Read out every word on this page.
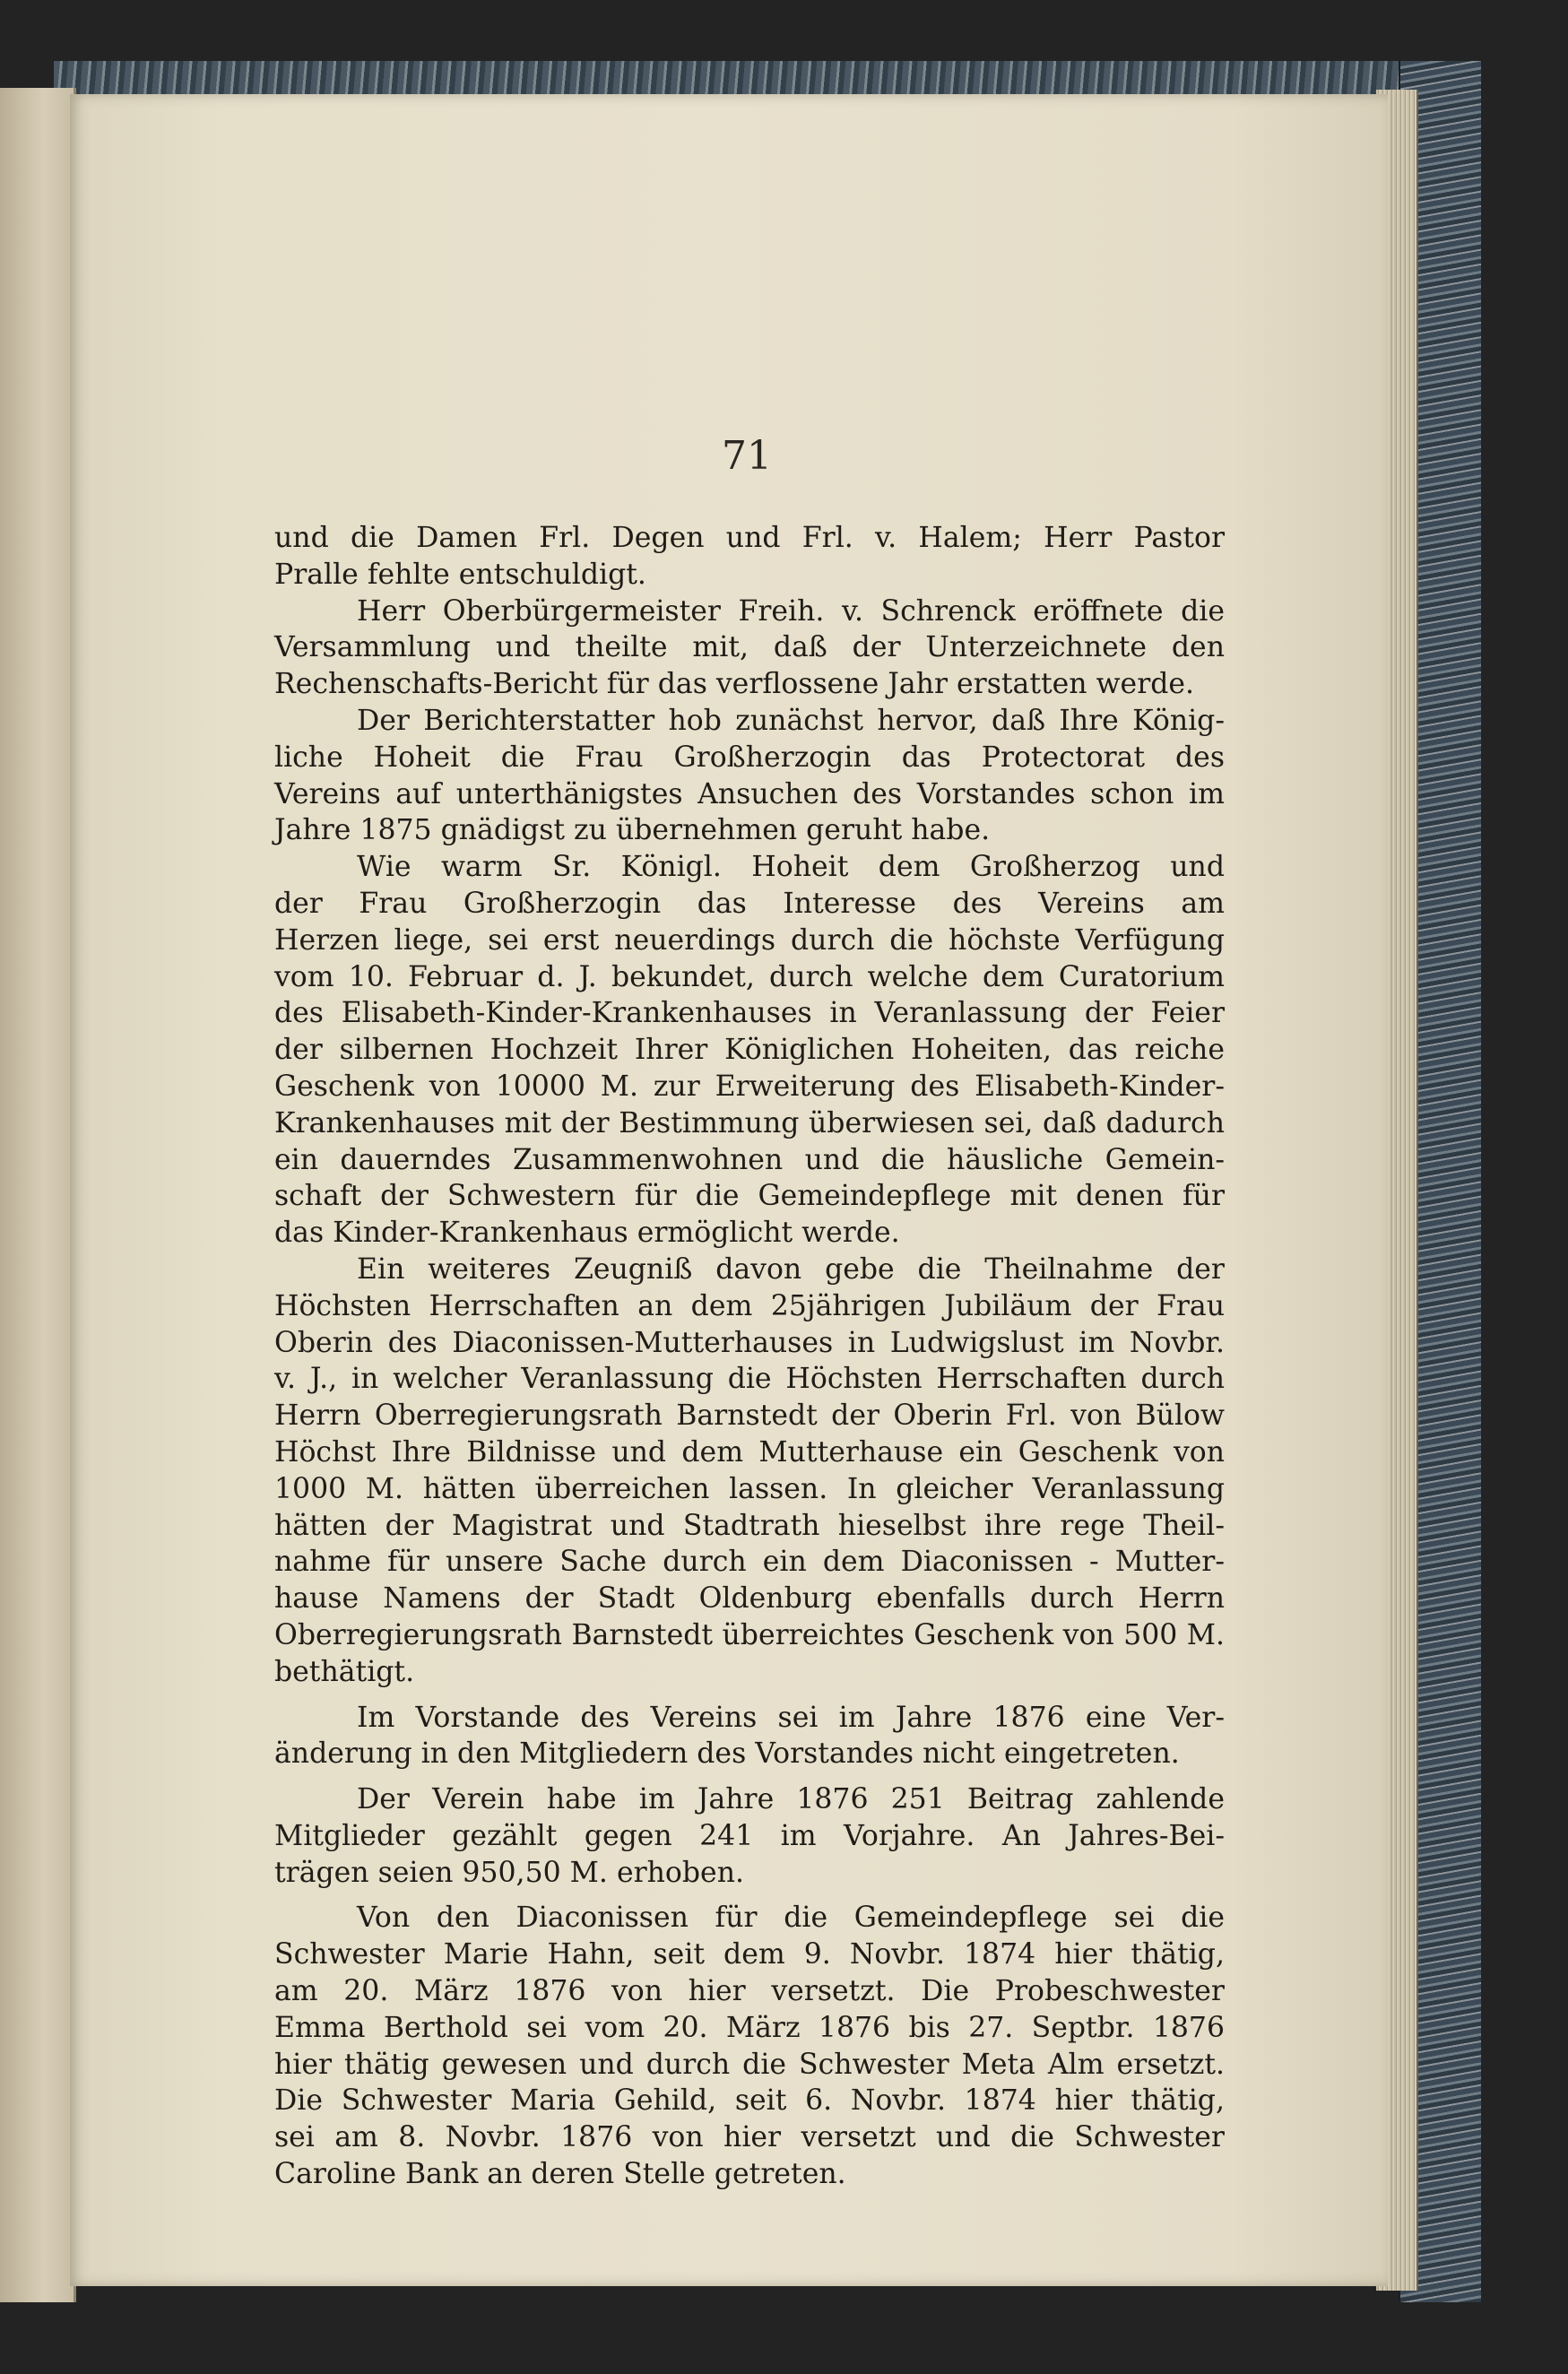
71
und die Damen Frl. Degen und Frl. v. Halem; Herr Pastor
Pralle fehlte entschuldigt.
Herr Oberbürgermeister Freih. v. Schrenck eröffnete die
Versammlung und theilte mit, daß der Unterzeichnete den
Rechenschafts-Bericht für das verflossene Jahr erstatten werde.
Der Berichterstatter hob zunächst hervor, daß Ihre König-
liche Hoheit die Frau Großherzogin das Protectorat des
Vereins auf unterthänigstes Ansuchen des Vorstandes schon im
Jahre 1875 gnädigst zu übernehmen geruht habe.
Wie warm Sr. Königl. Hoheit dem Großherzog und
der Frau Großherzogin das Interesse des Vereins am
Herzen liege, sei erst neuerdings durch die höchste Verfügung
vom 10. Februar d. J. bekundet, durch welche dem Curatorium
des Elisabeth-Kinder-Krankenhauses in Veranlassung der Feier
der silbernen Hochzeit Ihrer Königlichen Hoheiten, das reiche
Geschenk von 10000 M. zur Erweiterung des Elisabeth-Kinder-
Krankenhauses mit der Bestimmung überwiesen sei, daß dadurch
ein dauerndes Zusammenwohnen und die häusliche Gemein-
schaft der Schwestern für die Gemeindepflege mit denen für
das Kinder-Krankenhaus ermöglicht werde.
Ein weiteres Zeugniß davon gebe die Theilnahme der
Höchsten Herrschaften an dem 25jährigen Jubiläum der Frau
Oberin des Diaconissen-Mutterhauses in Ludwigslust im Novbr.
v. J., in welcher Veranlassung die Höchsten Herrschaften durch
Herrn Oberregierungsrath Barnstedt der Oberin Frl. von Bülow
Höchst Ihre Bildnisse und dem Mutterhause ein Geschenk von
1000 M. hätten überreichen lassen. In gleicher Veranlassung
hätten der Magistrat und Stadtrath hieselbst ihre rege Theil-
nahme für unsere Sache durch ein dem Diaconissen - Mutter-
hause Namens der Stadt Oldenburg ebenfalls durch Herrn
Oberregierungsrath Barnstedt überreichtes Geschenk von 500 M.
bethätigt.
Im Vorstande des Vereins sei im Jahre 1876 eine Ver-
änderung in den Mitgliedern des Vorstandes nicht eingetreten.
Der Verein habe im Jahre 1876 251 Beitrag zahlende
Mitglieder gezählt gegen 241 im Vorjahre. An Jahres-Bei-
trägen seien 950,50 M. erhoben.
Von den Diaconissen für die Gemeindepflege sei die
Schwester Marie Hahn, seit dem 9. Novbr. 1874 hier thätig,
am 20. März 1876 von hier versetzt. Die Probeschwester
Emma Berthold sei vom 20. März 1876 bis 27. Septbr. 1876
hier thätig gewesen und durch die Schwester Meta Alm ersetzt.
Die Schwester Maria Gehild, seit 6. Novbr. 1874 hier thätig,
sei am 8. Novbr. 1876 von hier versetzt und die Schwester
Caroline Bank an deren Stelle getreten.
